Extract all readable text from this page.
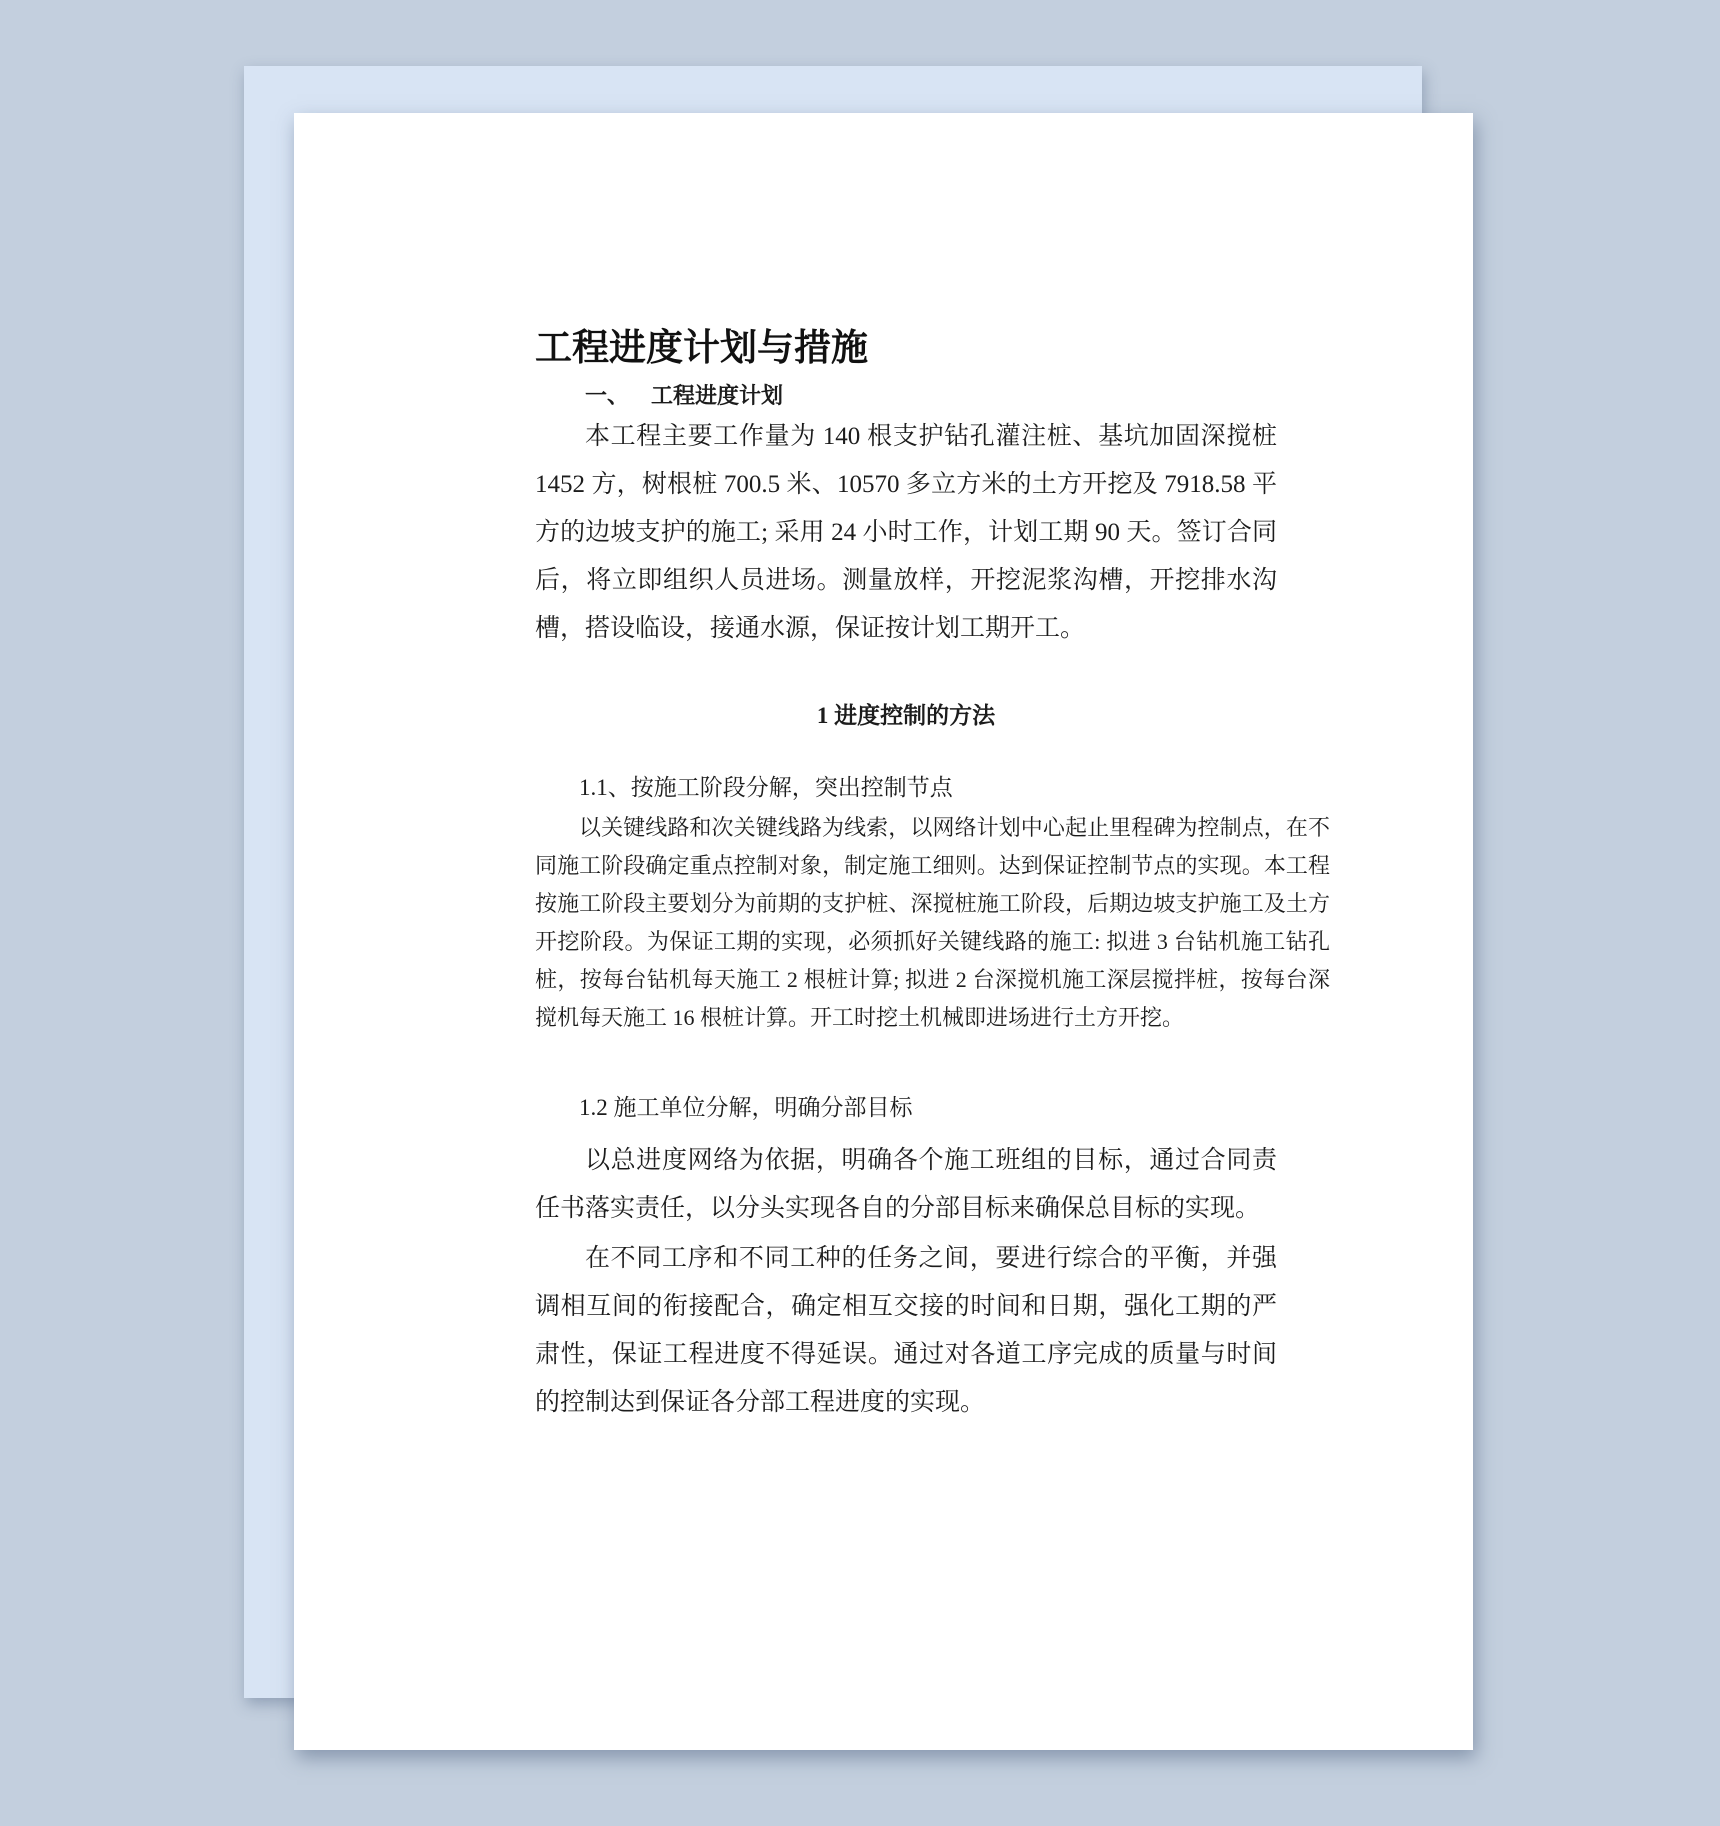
工程进度计划与措施
一、 工程进度计划

本工程主要工作量为 140 根支护钻孔灌注桩、基坑加固深搅桩 1452 方，树根桩 700.5 米、10570 多立方米的土方开挖及 7918.58 平方的边坡支护的施工; 采用 24 小时工作，计划工期 90 天。签订合同后，将立即组织人员进场。测量放样，开挖泥浆沟槽，开挖排水沟槽，搭设临设，接通水源，保证按计划工期开工。

1 进度控制的方法
1.1、按施工阶段分解，突出控制节点

以关键线路和次关键线路为线索，以网络计划中心起止里程碑为控制点，在不同施工阶段确定重点控制对象，制定施工细则。达到保证控制节点的实现。本工程按施工阶段主要划分为前期的支护桩、深搅桩施工阶段，后期边坡支护施工及土方开挖阶段。为保证工期的实现，必须抓好关键线路的施工: 拟进 3 台钻机施工钻孔桩，按每台钻机每天施工 2 根桩计算; 拟进 2 台深搅机施工深层搅拌桩，按每台深搅机每天施工 16 根桩计算。开工时挖土机械即进场进行土方开挖。

1.2 施工单位分解，明确分部目标

以总进度网络为依据，明确各个施工班组的目标，通过合同责任书落实责任，以分头实现各自的分部目标来确保总目标的实现。

在不同工序和不同工种的任务之间，要进行综合的平衡，并强调相互间的衔接配合，确定相互交接的时间和日期，强化工期的严肃性，保证工程进度不得延误。通过对各道工序完成的质量与时间的控制达到保证各分部工程进度的实现。
